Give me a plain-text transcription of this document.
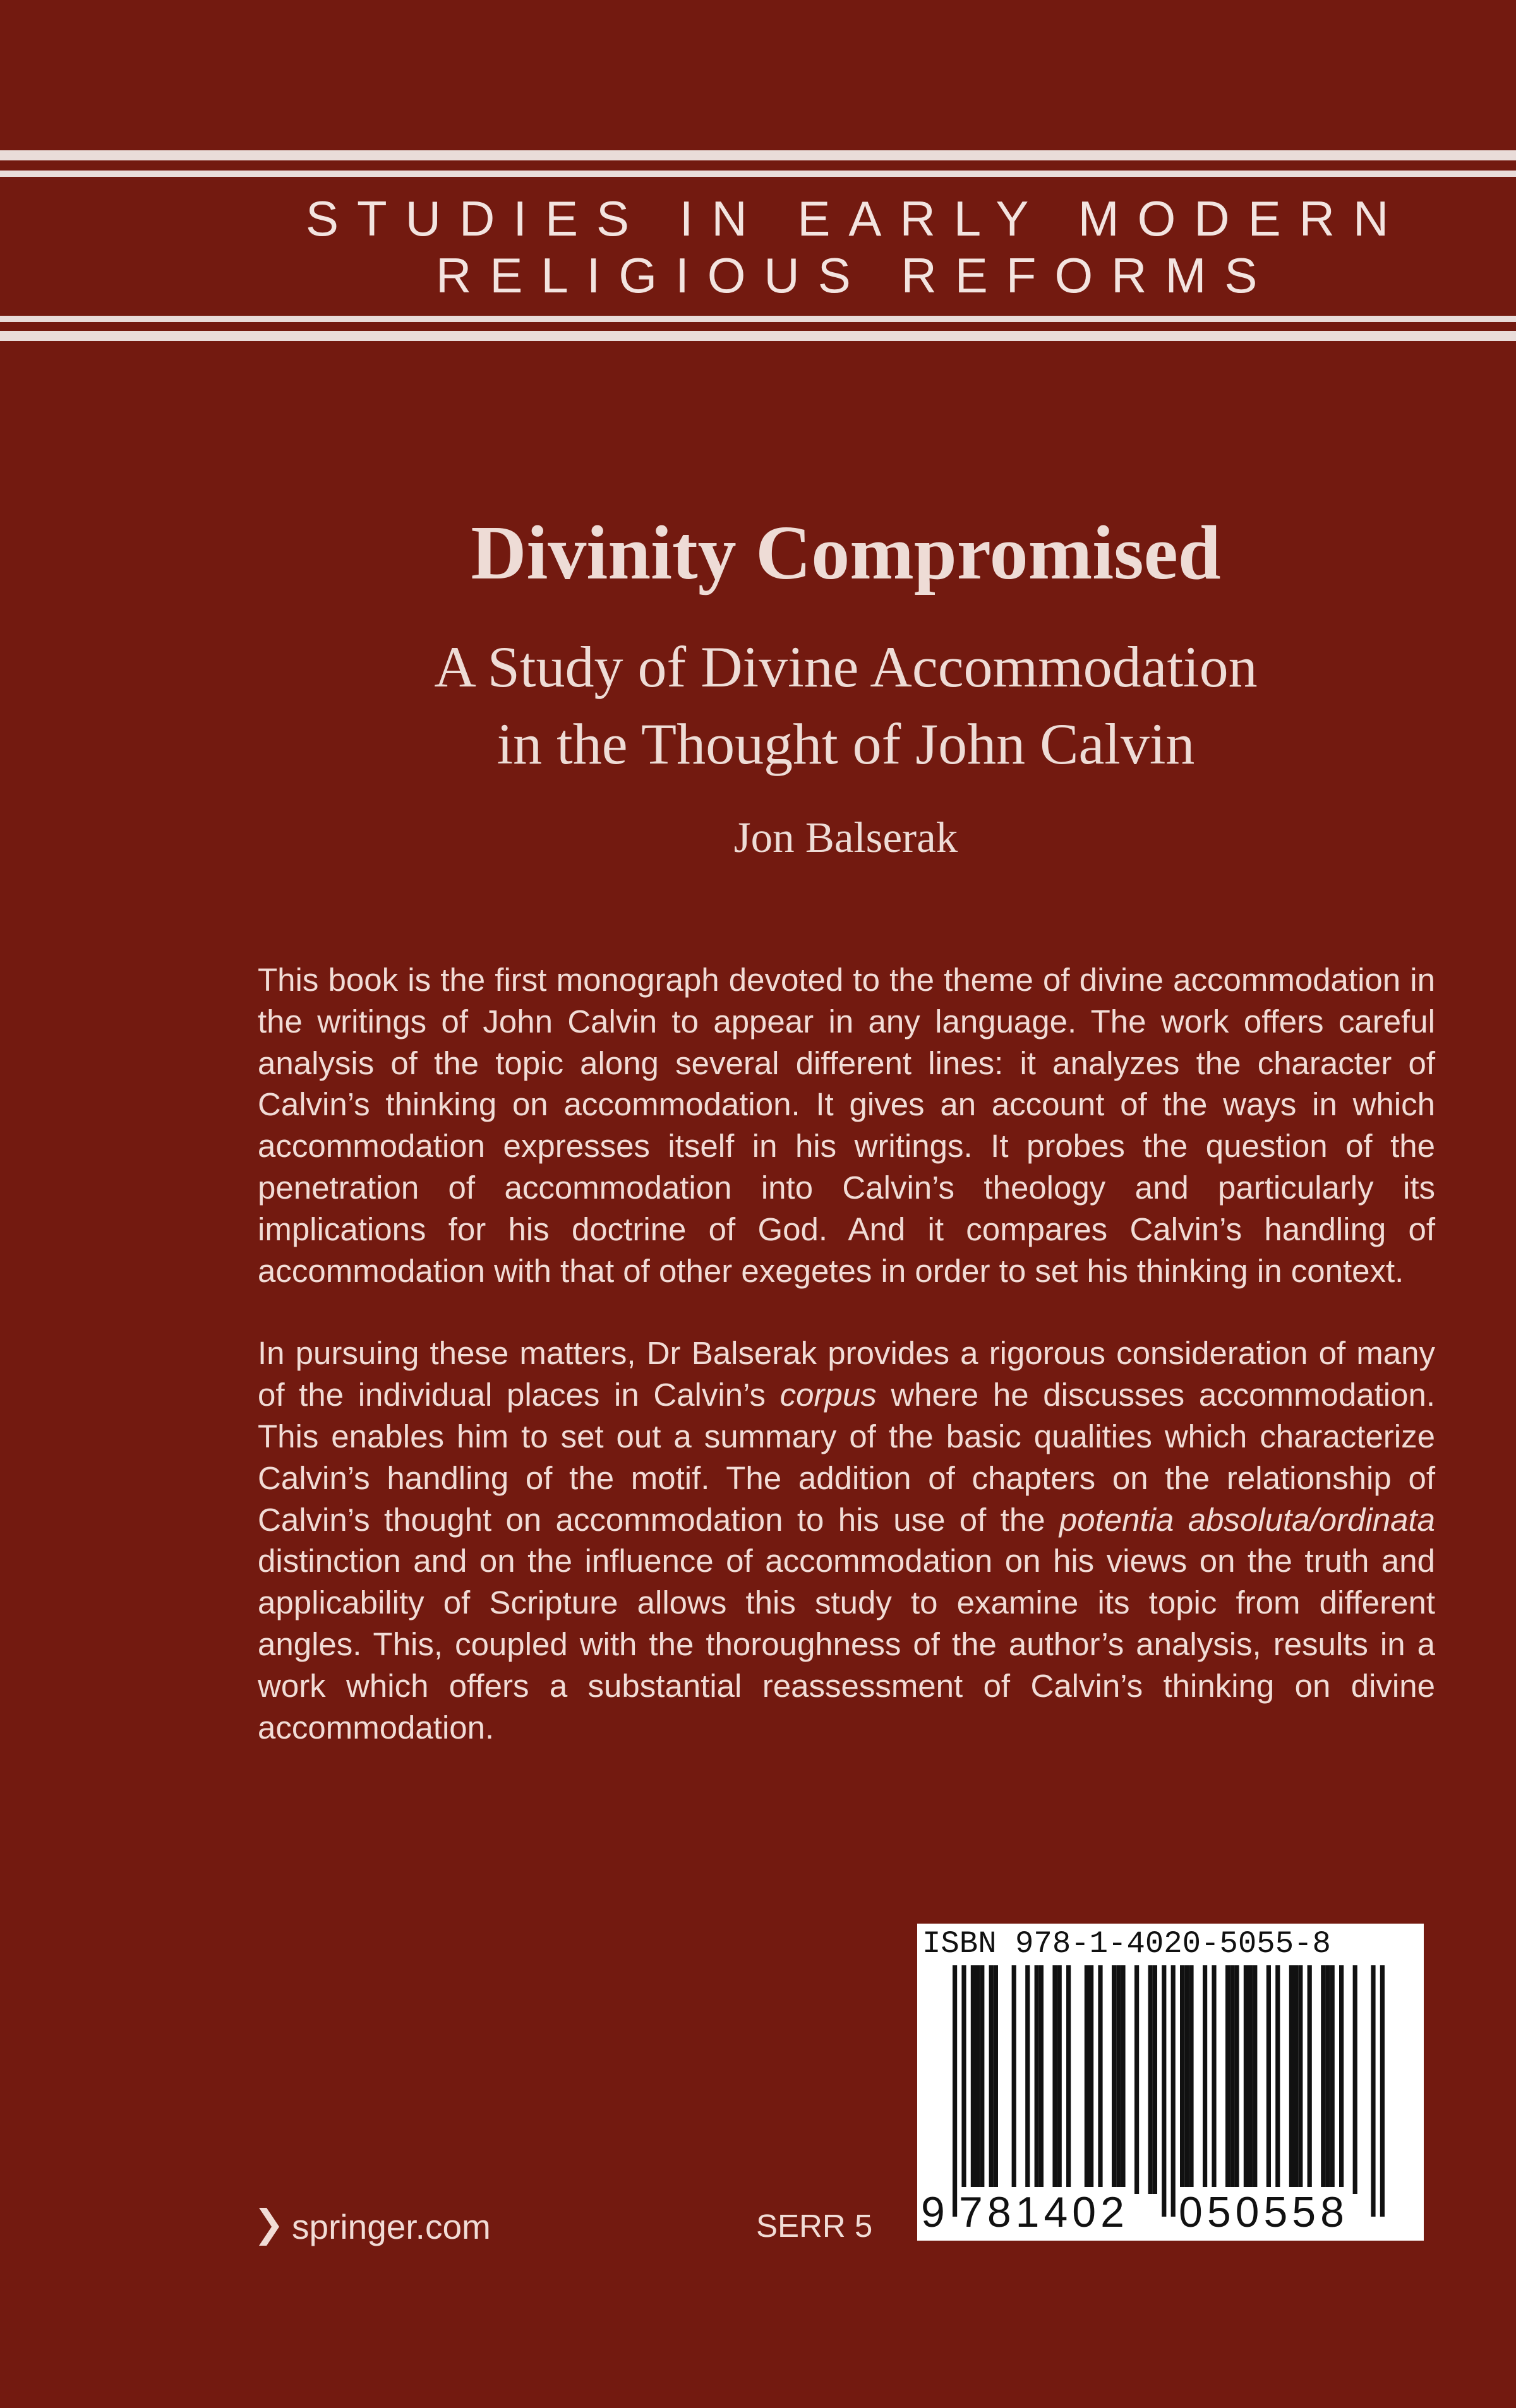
STUDIES IN EARLY MODERN
RELIGIOUS REFORMS
Divinity Compromised
A Study of Divine Accommodation
in the Thought of John Calvin
Jon Balserak

This book is the first monograph devoted to the theme of divine accommodation in the writings of John Calvin to appear in any language. The work offers careful analysis of the topic along several different lines: it analyzes the character of Calvin’s thinking on accommodation. It gives an account of the ways in which accommodation expresses itself in his writings. It probes the question of the penetration of accommodation into Calvin’s theology and particularly its implications for his doctrine of God. And it compares Calvin’s handling of accommodation with that of other exegetes in order to set his thinking in context.

In pursuing these matters, Dr Balserak provides a rigorous consideration of many of the individual places in Calvin’s corpus where he discusses accommodation. This enables him to set out a summary of the basic qualities which characterize Calvin’s handling of the motif. The addition of chapters on the relationship of Calvin’s thought on accommodation to his use of the potentia absoluta/ordinata distinction and on the influence of accommodation on his views on the truth and applicability of Scripture allows this study to examine its topic from different angles. This, coupled with the thoroughness of the author’s analysis, results in a work which offers a substantial reassessment of Calvin’s thinking on divine accommodation.

springer.com	SERR 5
ISBN 978-1-4020-5055-8
9 781402 050558
